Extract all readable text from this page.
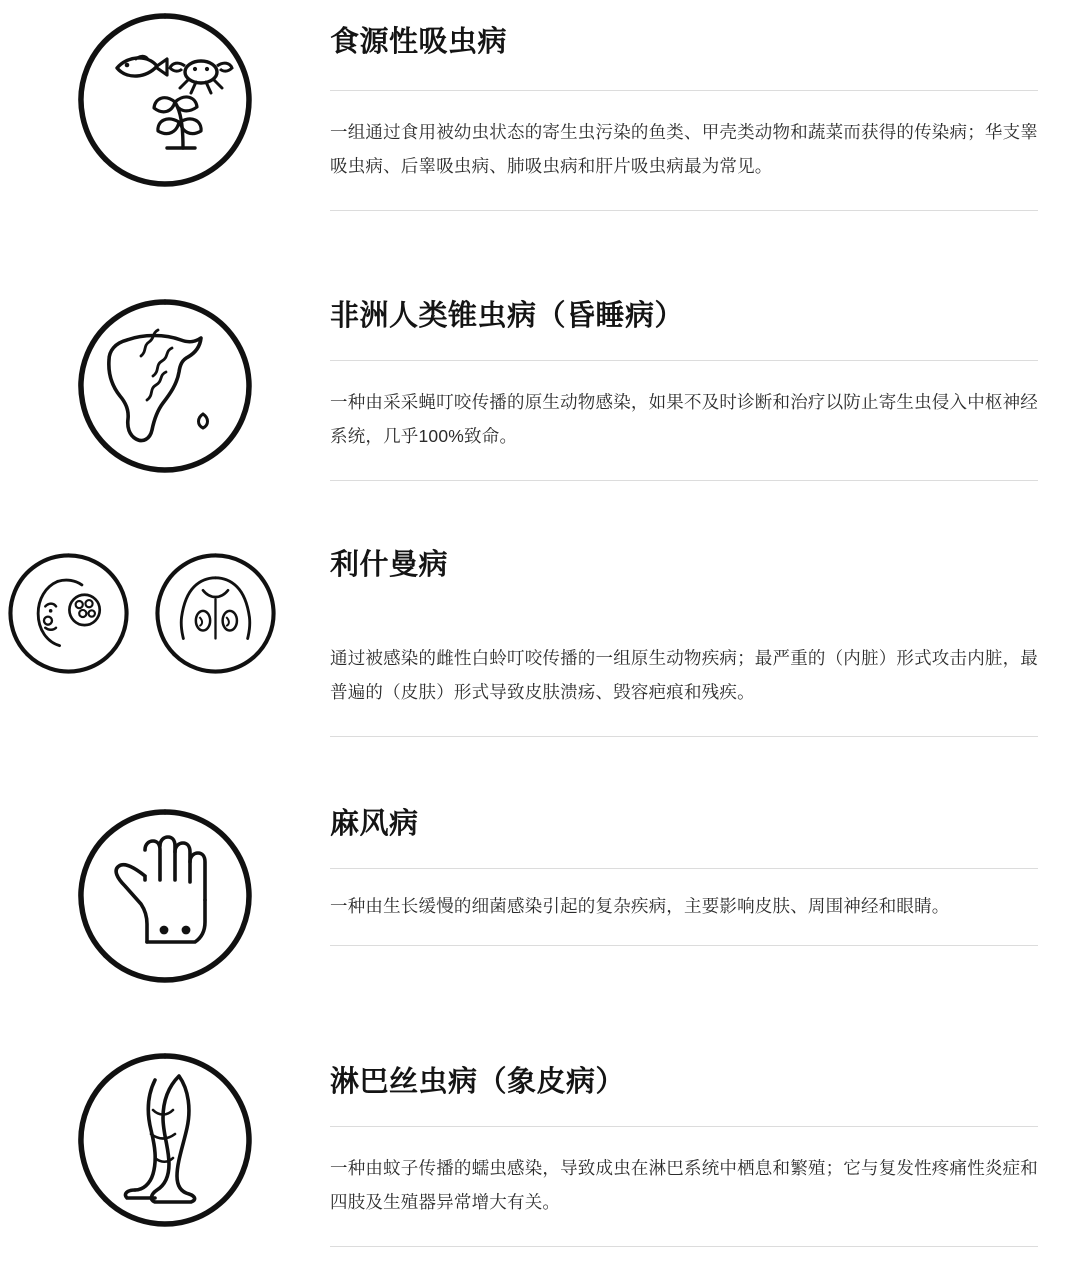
食源性吸虫病

一组通过食用被幼虫状态的寄生虫污染的鱼类、甲壳类动物和蔬菜而获得的传染病；华支睾吸虫病、后睾吸虫病、肺吸虫病和肝片吸虫病最为常见。

非洲人类锥虫病（昏睡病）

一种由采采蝇叮咬传播的原生动物感染，如果不及时诊断和治疗以防止寄生虫侵入中枢神经系统，几乎100%致命。

利什曼病

通过被感染的雌性白蛉叮咬传播的一组原生动物疾病；最严重的（内脏）形式攻击内脏，最普遍的（皮肤）形式导致皮肤溃疡、毁容疤痕和残疾。

麻风病

一种由生长缓慢的细菌感染引起的复杂疾病，主要影响皮肤、周围神经和眼睛。

淋巴丝虫病（象皮病）

一种由蚊子传播的蠕虫感染，导致成虫在淋巴系统中栖息和繁殖；它与复发性疼痛性炎症和四肢及生殖器异常增大有关。
